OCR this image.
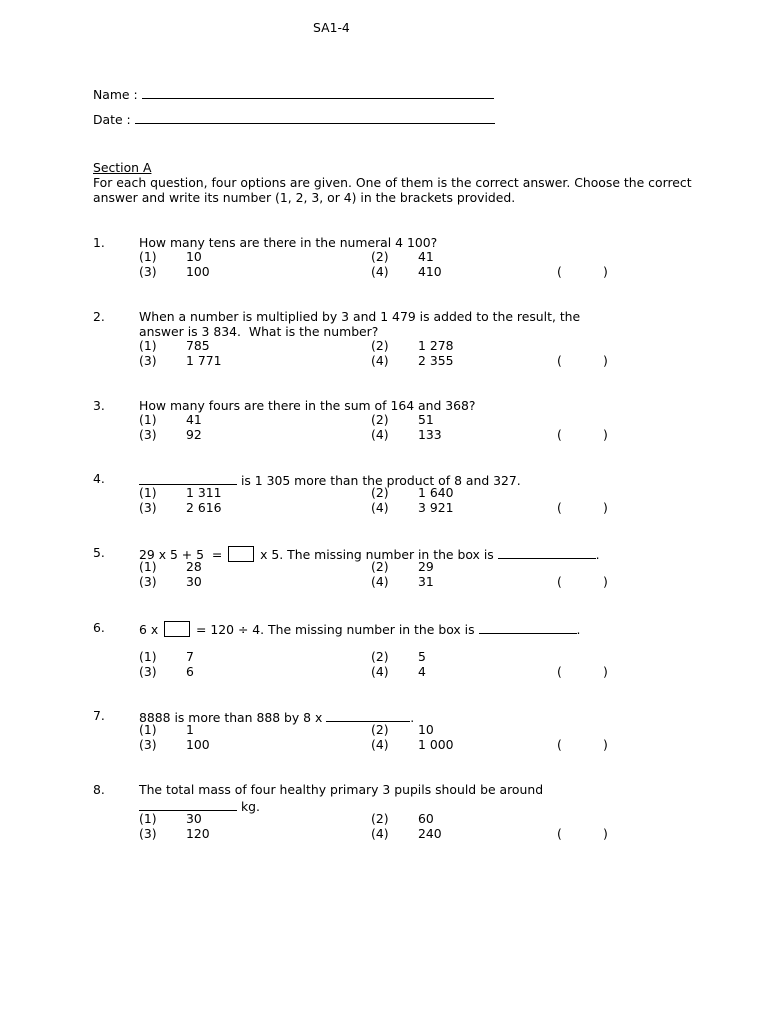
SA1-4
Name :
Date :
Section A
For each question, four options are given. One of them is the correct answer. Choose the correct answer and write its number (1, 2, 3, or 4) in the brackets provided.
1.	How many tens are there in the numeral 4 100?
(1) 10	(2) 41
(3) 100	(4) 410	(	)
2.	When a number is multiplied by 3 and 1 479 is added to the result, the
answer is 3 834.  What is the number?
(1) 785	(2) 1 278
(3) 1 771	(4) 2 355	(	)
3.	How many fours are there in the sum of 164 and 368?
(1) 41	(2) 51
(3) 92	(4) 133	(	)
4.	is 1 305 more than the product of 8 and 327.
(1) 1 311	(2) 1 640
(3) 2 616	(4) 3 921	(	)
5.	29 x 5 + 5  =  x 5. The missing number in the box is	.
(1) 28	(2) 29
(3) 30	(4) 31	(	)
6.	6 x  = 120 ÷ 4. The missing number in the box is	.
(1) 7	(2) 5
(3) 6	(4) 4	(	)
7.	8888 is more than 888 by 8 x	.
(1) 1	(2) 10
(3) 100	(4) 1 000	(	)
8.	The total mass of four healthy primary 3 pupils should be around
kg.
(1) 30	(2) 60
(3) 120	(4) 240	(	)
